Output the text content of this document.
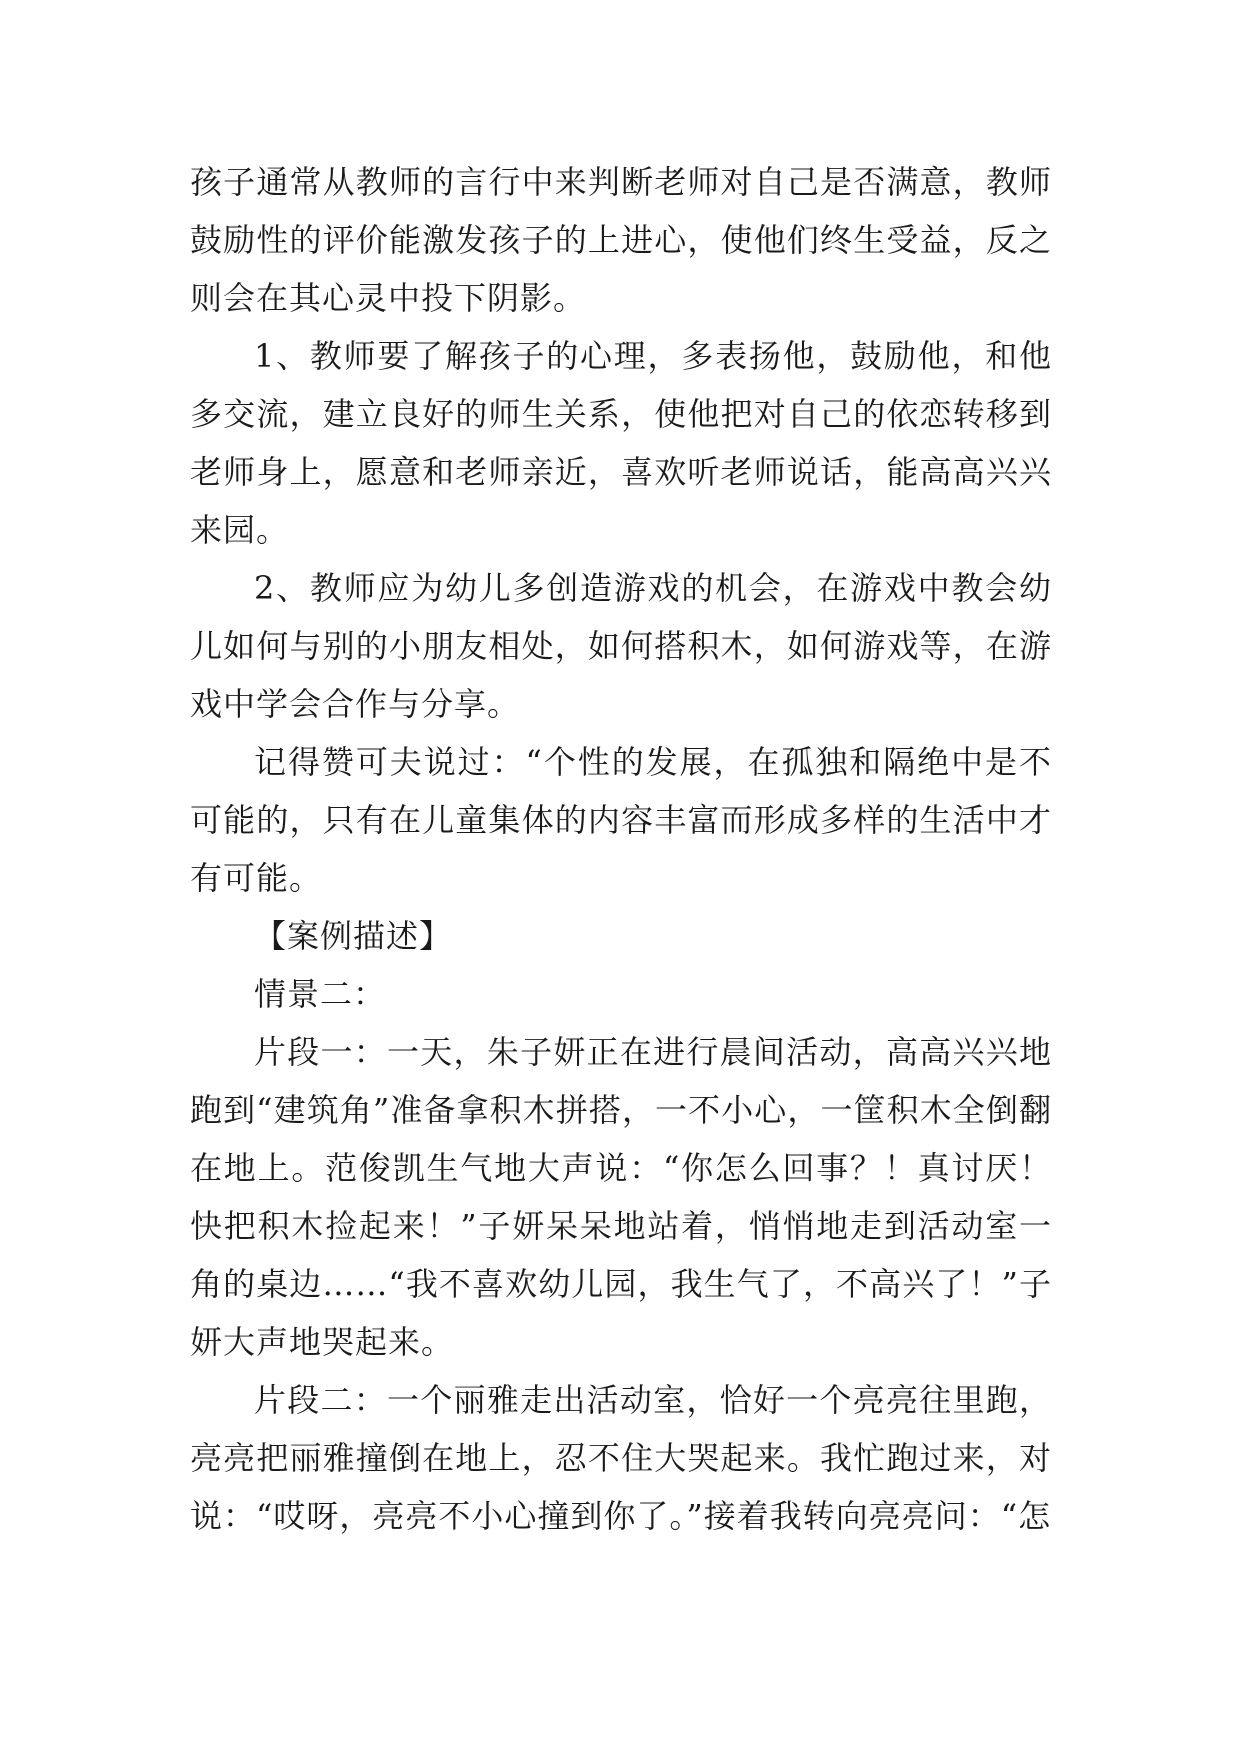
孩子通常从教师的言行中来判断老师对自己是否满意，教师鼓励性的评价能激发孩子的上进心，使他们终生受益，反之则会在其心灵中投下阴影。

1、教师要了解孩子的心理，多表扬他，鼓励他，和他多交流，建立良好的师生关系，使他把对自己的依恋转移到老师身上，愿意和老师亲近，喜欢听老师说话，能高高兴兴来园。

2、教师应为幼儿多创造游戏的机会，在游戏中教会幼儿如何与别的小朋友相处，如何搭积木，如何游戏等，在游戏中学会合作与分享。

记得赞可夫说过：“个性的发展，在孤独和隔绝中是不可能的，只有在儿童集体的内容丰富而形成多样的生活中才有可能。

【案例描述】

情景二：

片段一：一天，朱子妍正在进行晨间活动，高高兴兴地跑到“建筑角”准备拿积木拼搭，一不小心，一筐积木全倒翻在地上。范俊凯生气地大声说：“你怎么回事？！真讨厌！快把积木捡起来！”子妍呆呆地站着，悄悄地走到活动室一角的桌边……“我不喜欢幼儿园，我生气了，不高兴了！”子妍大声地哭起来。

片段二：一个丽雅走出活动室，恰好一个亮亮往里跑，亮亮把丽雅撞倒在地上，忍不住大哭起来。我忙跑过来，对说：“哎呀，亮亮不小心撞到你了。”接着我转向亮亮问：“怎
